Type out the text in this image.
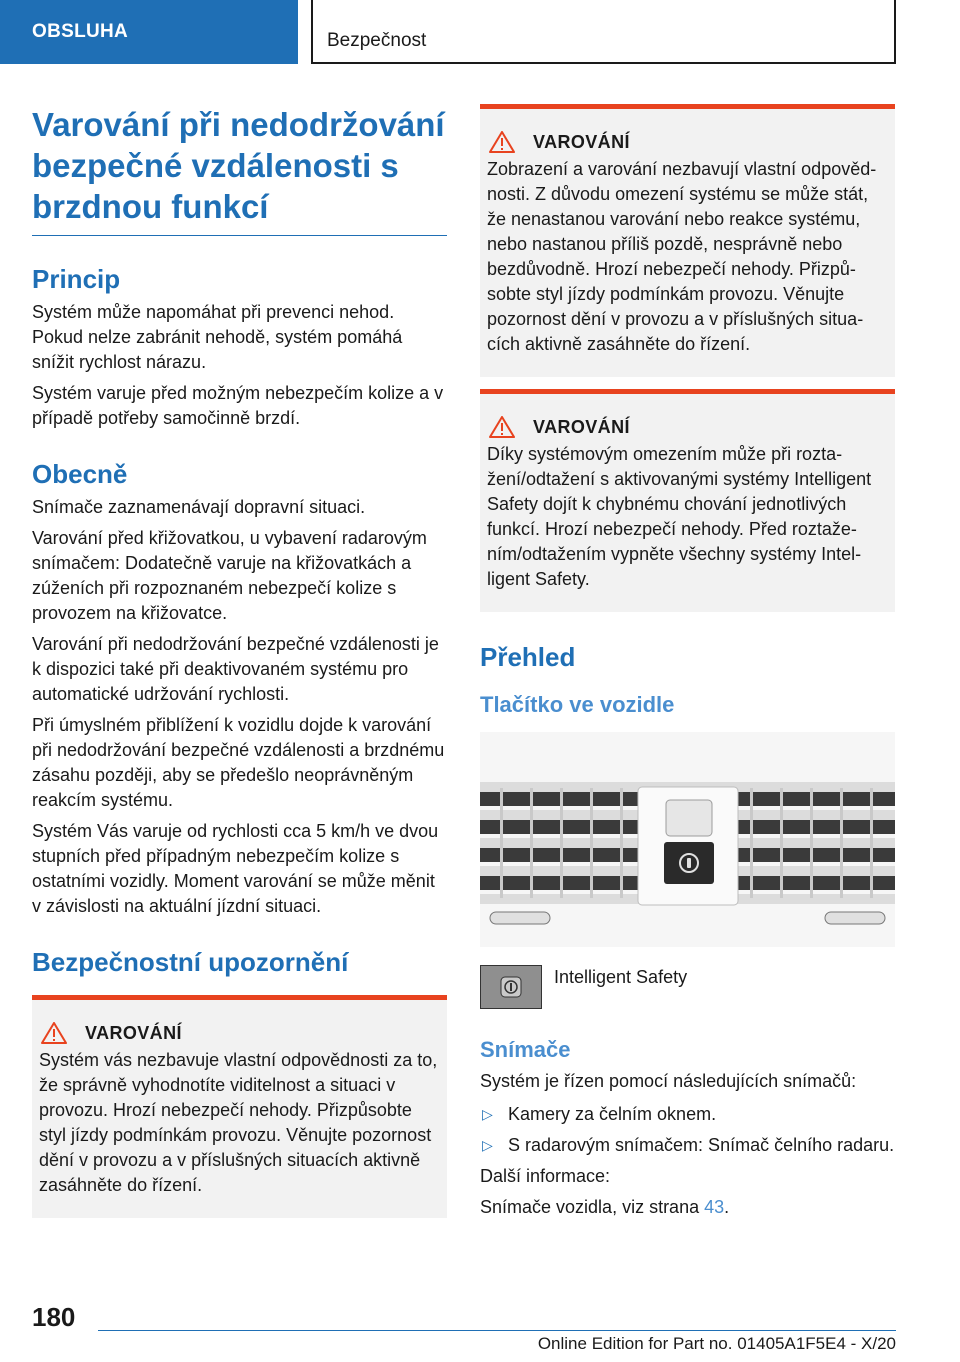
OBSLUHA	Bezpečnost
Varování při nedodržování bezpečné vzdálenosti s brzdnou funkcí
Princip

Systém může napomáhat při prevenci nehod. Pokud nelze zabránit nehodě, systém pomáhá snížit rychlost nárazu.

Systém varuje před možným nebezpečím kolize a v případě potřeby samočinně brzdí.

Obecně

Snímače zaznamenávají dopravní situaci.

Varování před křižovatkou, u vybavení radarovým snímačem: Dodatečně varuje na křižovatkách a zúženích při rozpoznaném nebezpečí kolize s provozem na křižovatce.

Varování při nedodržování bezpečné vzdálenosti je k dispozici také při deaktivovaném systému pro automatické udržování rychlosti.

Při úmyslném přiblížení k vozidlu dojde k varování při nedodržování bezpečné vzdálenosti a brzdnému zásahu později, aby se předešlo neoprávněným reakcím systému.

Systém Vás varuje od rychlosti cca 5 km/h ve dvou stupních před případným nebezpečím kolize s ostatními vozidly. Moment varování se může měnit v závislosti na aktuální jízdní situaci.

Bezpečnostní upozornění
VAROVÁNÍ

Systém vás nezbavuje vlastní odpovědnosti za to, že správně vyhodnotíte viditelnost a situaci v provozu. Hrozí nebezpečí nehody. Přizpůsobte styl jízdy podmínkám provozu. Věnujte pozornost dění v provozu a v příslušných situacích aktivně zasáhněte do řízení.

VAROVÁNÍ

Zobrazení a varování nezbavují vlastní odpovědnosti. Z důvodu omezení systému se může stát, že nenastanou varování nebo reakce systému, nebo nastanou příliš pozdě, nesprávně nebo bezdůvodně. Hrozí nebezpečí nehody. Přizpůsobte styl jízdy podmínkám provozu. Věnujte pozornost dění v provozu a v příslušných situacích aktivně zasáhněte do řízení.

VAROVÁNÍ

Díky systémovým omezením může při roztažení/odtažení s aktivovanými systémy Intelligent Safety dojít k chybnému chování jednotlivých funkcí. Hrozí nebezpečí nehody. Před roztažením/odtažením vypněte všechny systémy Intelligent Safety.

Přehled
Tlačítko ve vozidle
Intelligent Safety
Snímače

Systém je řízen pomocí následujících snímačů:

▷ Kamery za čelním oknem.
▷ S radarovým snímačem: Snímač čelního radaru.

Další informace:

Snímače vozidla, viz strana 43.

180
Online Edition for Part no. 01405A1F5E4 - X/20
